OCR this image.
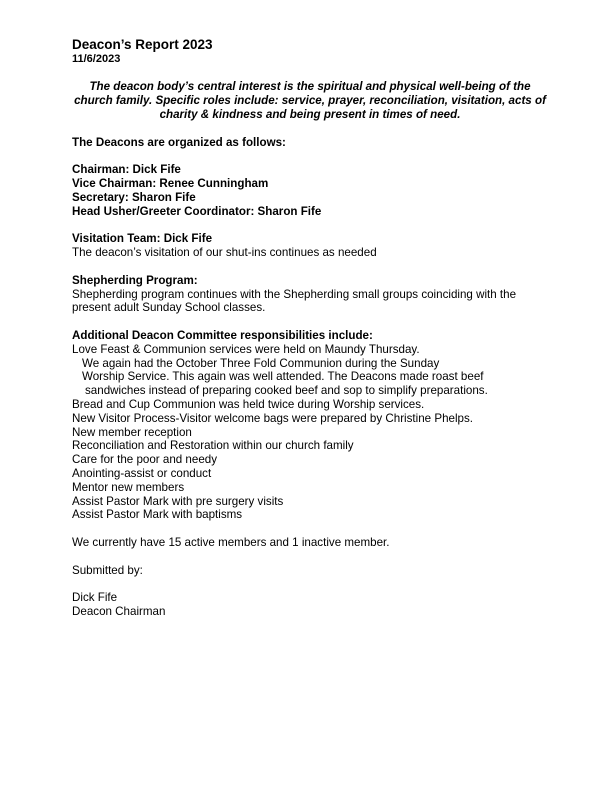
Deacon’s Report 2023
11/6/2023
The deacon body’s central interest is the spiritual and physical well-being of the church family. Specific roles include: service, prayer, reconciliation, visitation, acts of charity & kindness and being present in times of need.
The Deacons are organized as follows:
Chairman: Dick Fife
Vice Chairman: Renee Cunningham
Secretary: Sharon Fife
Head Usher/Greeter Coordinator: Sharon Fife
Visitation Team: Dick Fife
The deacon’s visitation of our shut-ins continues as needed
Shepherding Program:
Shepherding program continues with the Shepherding small groups coinciding with the present adult Sunday School classes.
Additional Deacon Committee responsibilities include:
Love Feast & Communion services were held on Maundy Thursday.
We again had the October Three Fold Communion during the Sunday
Worship Service. This again was well attended. The Deacons made roast beef
sandwiches instead of preparing cooked beef and sop to simplify preparations.
Bread and Cup Communion was held twice during Worship services.
New Visitor Process-Visitor welcome bags were prepared by Christine Phelps.
New member reception
Reconciliation and Restoration within our church family
Care for the poor and needy
Anointing-assist or conduct
Mentor new members
Assist Pastor Mark with pre surgery visits
Assist Pastor Mark with baptisms
We currently have 15 active members and 1 inactive member.
Submitted by:
Dick Fife
Deacon Chairman
